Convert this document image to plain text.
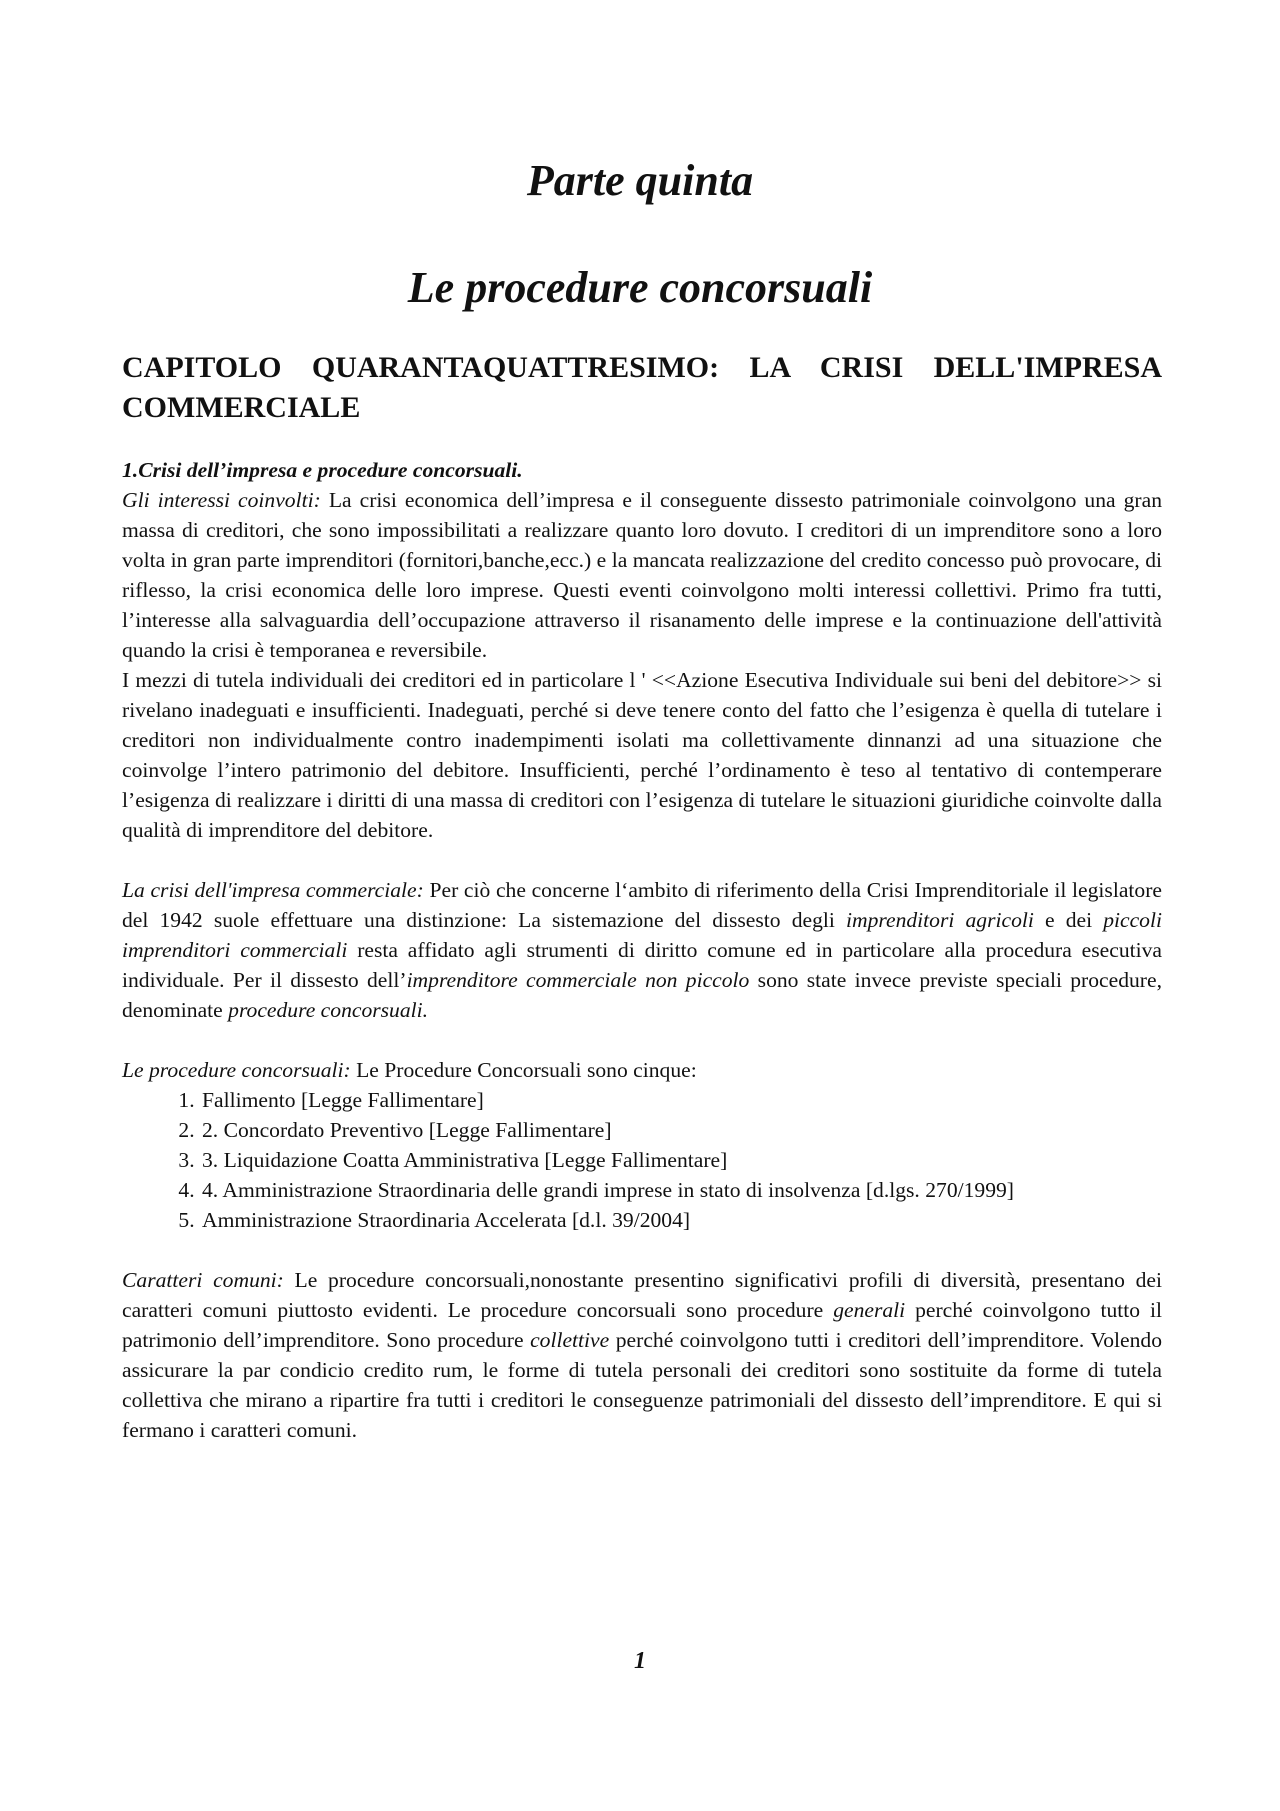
Parte quinta
Le procedure concorsuali
CAPITOLO QUARANTAQUATTRESIMO: LA CRISI DELL'IMPRESA COMMERCIALE

1.Crisi dell’impresa e procedure concorsuali.

Gli interessi coinvolti: La crisi economica dell’impresa e il conseguente dissesto patrimoniale coinvolgono una gran massa di creditori, che sono impossibilitati a realizzare quanto loro dovuto. I creditori di un imprenditore sono a loro volta in gran parte imprenditori (fornitori,banche,ecc.) e la mancata realizzazione del credito concesso può provocare, di riflesso, la crisi economica delle loro imprese. Questi eventi coinvolgono molti interessi collettivi. Primo fra tutti, l’interesse alla salvaguardia dell’occupazione attraverso il risanamento delle imprese e la continuazione dell'attività quando la crisi è temporanea e reversibile.

I mezzi di tutela individuali dei creditori ed in particolare l ' <<Azione Esecutiva Individuale sui beni del debitore>> si rivelano inadeguati e insufficienti. Inadeguati, perché si deve tenere conto del fatto che l’esigenza è quella di tutelare i creditori non individualmente contro inadempimenti isolati ma collettivamente dinnanzi ad una situazione che coinvolge l’intero patrimonio del debitore. Insufficienti, perché l’ordinamento è teso al tentativo di contemperare l’esigenza di realizzare i diritti di una massa di creditori con l’esigenza di tutelare le situazioni giuridiche coinvolte dalla qualità di imprenditore del debitore.

La crisi dell'impresa commerciale: Per ciò che concerne l‘ambito di riferimento della Crisi Imprenditoriale il legislatore del 1942 suole effettuare una distinzione: La sistemazione del dissesto degli imprenditori agricoli e dei piccoli imprenditori commerciali resta affidato agli strumenti di diritto comune ed in particolare alla procedura esecutiva individuale. Per il dissesto dell’imprenditore commerciale non piccolo sono state invece previste speciali procedure, denominate procedure concorsuali.

Le procedure concorsuali: Le Procedure Concorsuali sono cinque:

1. Fallimento [Legge Fallimentare]
2. 2. Concordato Preventivo [Legge Fallimentare]
3. 3. Liquidazione Coatta Amministrativa [Legge Fallimentare]
4. 4. Amministrazione Straordinaria delle grandi imprese in stato di insolvenza [d.lgs. 270/1999]
5. Amministrazione Straordinaria Accelerata [d.l. 39/2004]

Caratteri comuni: Le procedure concorsuali,nonostante presentino significativi profili di diversità, presentano dei caratteri comuni piuttosto evidenti. Le procedure concorsuali sono procedure generali perché coinvolgono tutto il patrimonio dell’imprenditore. Sono procedure collettive perché coinvolgono tutti i creditori dell’imprenditore. Volendo assicurare la par condicio credito rum, le forme di tutela personali dei creditori sono sostituite da forme di tutela collettiva che mirano a ripartire fra tutti i creditori le conseguenze patrimoniali del dissesto dell’imprenditore. E qui si fermano i caratteri comuni.

1
